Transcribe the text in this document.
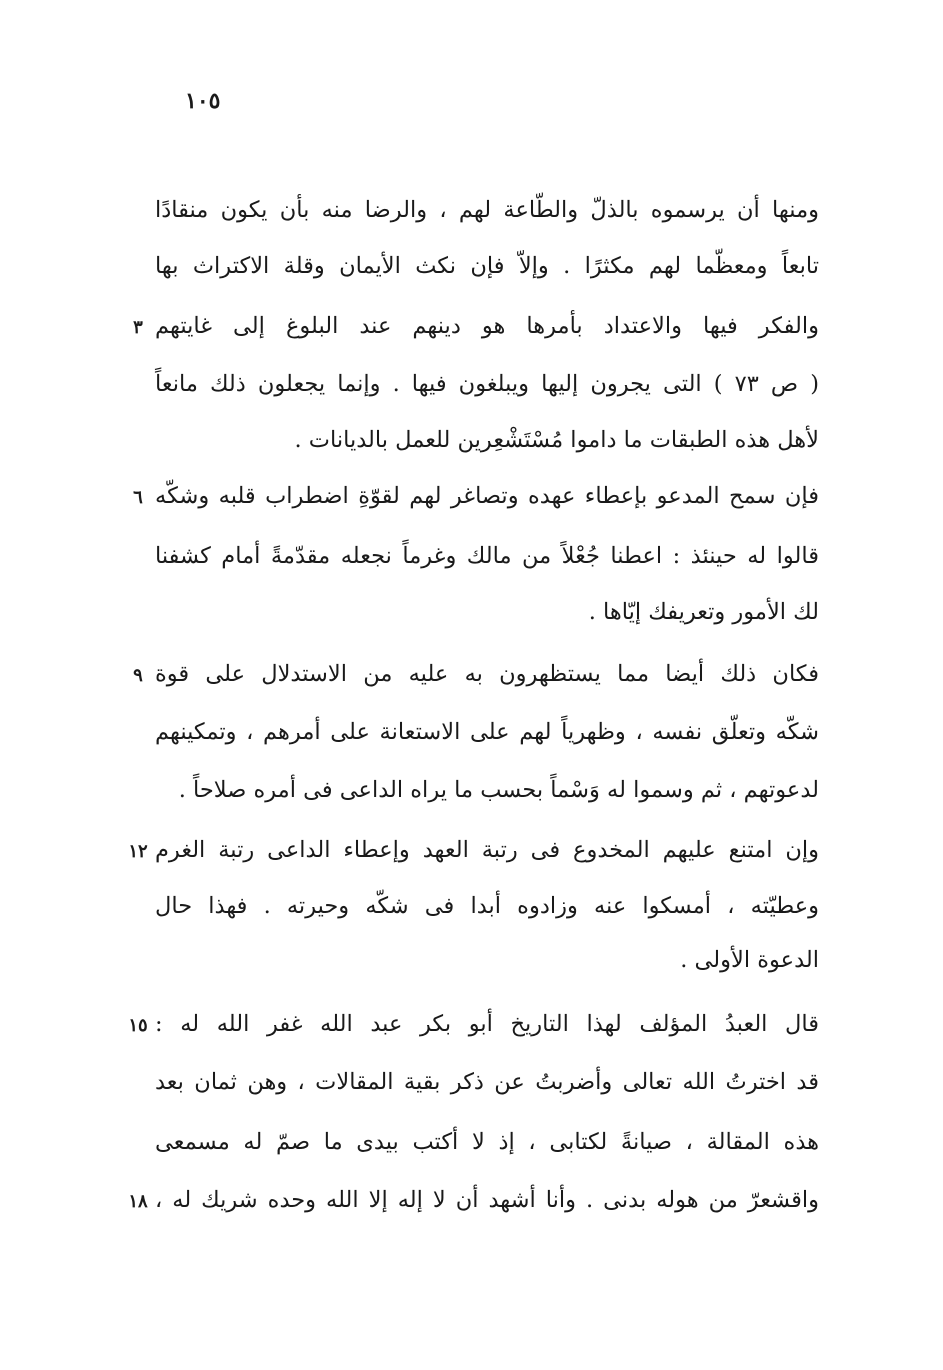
١٠٥
ومنها أن يرسموه بالذلّ والطّاعة لهم ، والرضا منه بأن يكون منقادًا
تابعاً ومعظّما لهم مكثرًا . وإلاّ فإن نكث الأيمان وقلة الاكتراث بها
والفكر فيها والاعتداد بأمرها هو دينهم عند البلوغ إلى غايتهم
( ص ٧٣ ) التى يجرون إليها ويبلغون فيها . وإنما يجعلون ذلك مانعاً
لأهل هذه الطبقات ما داموا مُسْتَشْعِرين للعمل بالديانات .
فإن سمح المدعو بإعطاء عهده وتصاغر لهم لقوّةِ اضطراب قلبه وشكّه
قالوا له حينئذ : اعطنا جُعْلاً من مالك وغرماً نجعله مقدّمةً أمام كشفنا
لك الأمور وتعريفك إيّاها .
فكان ذلك أيضا مما يستظهرون به عليه من الاستدلال على قوة
شكّه وتعلّق نفسه ، وظهرياً لهم على الاستعانة على أمرهم ، وتمكينهم
لدعوتهم ، ثم وسموا له وَسْماً بحسب ما يراه الداعى فى أمره صلاحاً .
وإن امتنع عليهم المخدوع فى رتبة العهد وإعطاء الداعى رتبة الغرم
وعطيّته ، أمسكوا عنه وزادوه أبدا فى شكّه وحيرته . فهذا حال
الدعوة الأولى .
قال العبدُ المؤلف لهذا التاريخ أبو بكر عبد الله غفر الله له :
قد اخترتُ الله تعالى وأضربتُ عن ذكر بقية المقالات ، وهن ثمان بعد
هذه المقالة ، صيانةً لكتابى ، إذ لا أكتب بيدى ما صمّ له مسمعى
واقشعرّ من هوله بدنى . وأنا أشهد أن لا إله إلا الله وحده شريك له ،
٣
٦
٩
١٢
١٥
١٨
